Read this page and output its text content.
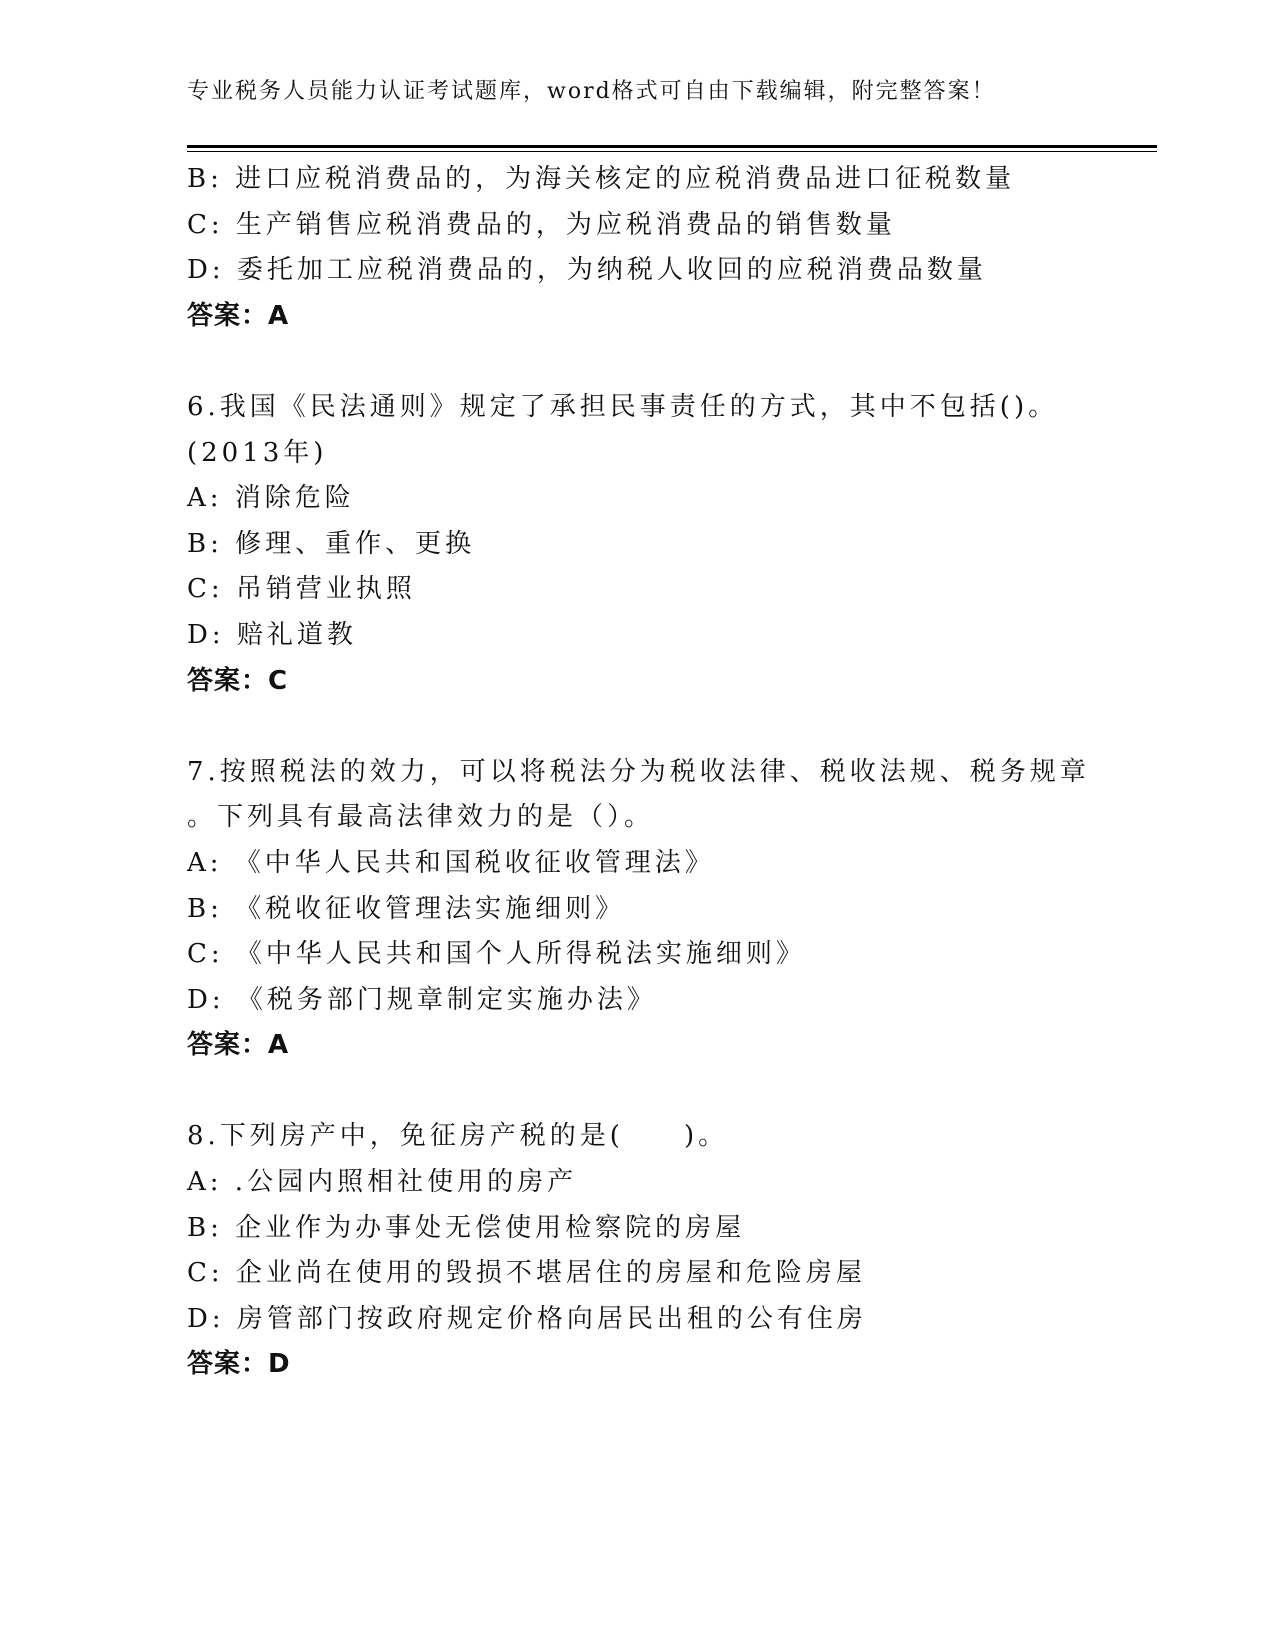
专业税务人员能力认证考试题库，word格式可自由下载编辑，附完整答案！
B: 进口应税消费品的，为海关核定的应税消费品进口征税数量
C: 生产销售应税消费品的，为应税消费品的销售数量
D: 委托加工应税消费品的，为纳税人收回的应税消费品数量
答案：A
6.我国《民法通则》规定了承担民事责任的方式，其中不包括()。
(2013年)
A: 消除危险
B: 修理、重作、更换
C: 吊销营业执照
D: 赔礼道教
答案：C
7.按照税法的效力，可以将税法分为税收法律、税收法规、税务规章
。下列具有最高法律效力的是（）。
A: 《中华人民共和国税收征收管理法》
B: 《税收征收管理法实施细则》
C: 《中华人民共和国个人所得税法实施细则》
D: 《税务部门规章制定实施办法》
答案：A
8.下列房产中，免征房产税的是(　　)。
A: .公园内照相社使用的房产
B: 企业作为办事处无偿使用检察院的房屋
C: 企业尚在使用的毁损不堪居住的房屋和危险房屋
D: 房管部门按政府规定价格向居民出租的公有住房
答案：D
